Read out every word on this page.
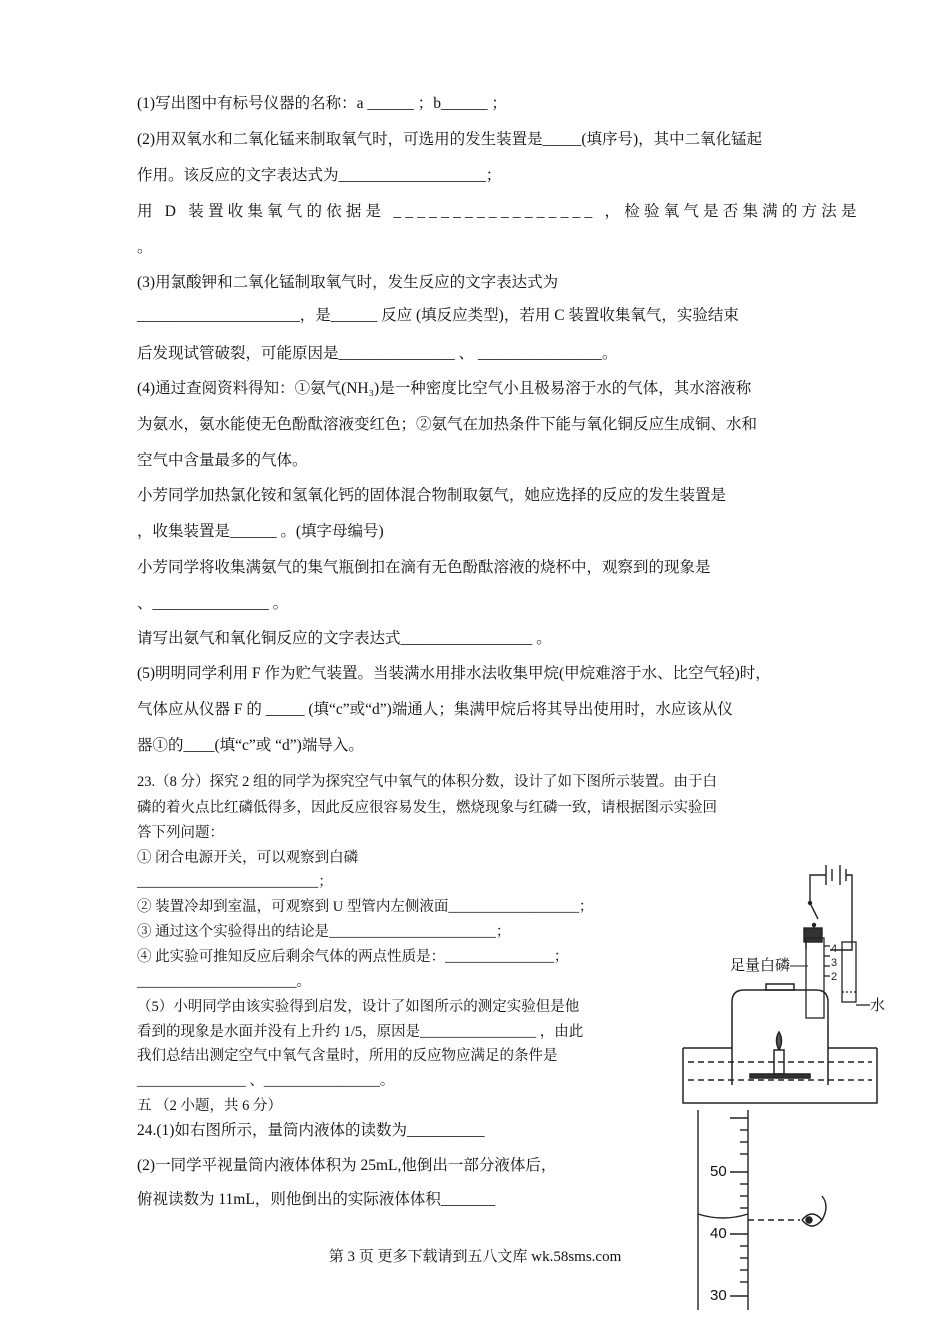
(1)写出图中有标号仪器的名称：a ______ ；b______ ；
(2)用双氧水和二氧化锰来制取氧气时，可选用的发生装置是_____(填序号)，其中二氧化锰起
作用。该反应的文字表达式为___________________；
用 D 装置收集氧气的依据是 _________________ ，检验氧气是否集满的方法是
。
(3)用氯酸钾和二氧化锰制取氧气时，发生反应的文字表达式为
_____________________，是______ 反应 (填反应类型)，若用 C 装置收集氧气，实验结束
后发现试管破裂，可能原因是_______________ 、 ________________。
(4)通过查阅资料得知：①氨气(NH₃)是一种密度比空气小且极易溶于水的气体，其水溶液称
为氨水，氨水能使无色酚酞溶液变红色；②氨气在加热条件下能与氧化铜反应生成铜、水和
空气中含量最多的气体。
小芳同学加热氯化铵和氢氧化钙的固体混合物制取氨气，她应选择的反应的发生装置是
，收集装置是______ 。(填字母编号)
小芳同学将收集满氨气的集气瓶倒扣在滴有无色酚酞溶液的烧杯中，观察到的现象是
、_______________ 。
请写出氨气和氧化铜反应的文字表达式_________________ 。
(5)明明同学利用 F 作为贮气装置。当装满水用排水法收集甲烷(甲烷难溶于水、比空气轻)时，
气体应从仪器 F 的 _____ (填“c”或“d”)端通人；集满甲烷后将其导出使用时，水应该从仪
器①的____(填“c”或 “d”)端导入。
23.（8 分）探究 2 组的同学为探究空气中氧气的体积分数，设计了如下图所示装置。由于白
磷的着火点比红磷低得多，因此反应很容易发生，燃烧现象与红磷一致，请根据图示实验回
答下列问题：
① 闭合电源开关，可以观察到白磷
_________________________；
② 装置冷却到室温，可观察到 U 型管内左侧液面__________________；
③ 通过这个实验得出的结论是_______________________；
④ 此实验可推知反应后剩余气体的两点性质是：_______________；
______________________。
（5）小明同学由该实验得到启发，设计了如图所示的测定实验但是他
看到的现象是水面并没有上升约 1/5，原因是________________ ，由此
我们总结出测定空气中氧气含量时，所用的反应物应满足的条件是
_______________ 、________________。
五 （2 小题，共 6 分）
24.(1)如右图所示，量筒内液体的读数为__________
(2)一同学平视量筒内液体体积为 25mL,他倒出一部分液体后，
俯视读数为 11mL，则他倒出的实际液体体积_______
4
3
2
足量白磷
水
50
40
30
第 3 页 更多下载请到五八文库 wk.58sms.com
